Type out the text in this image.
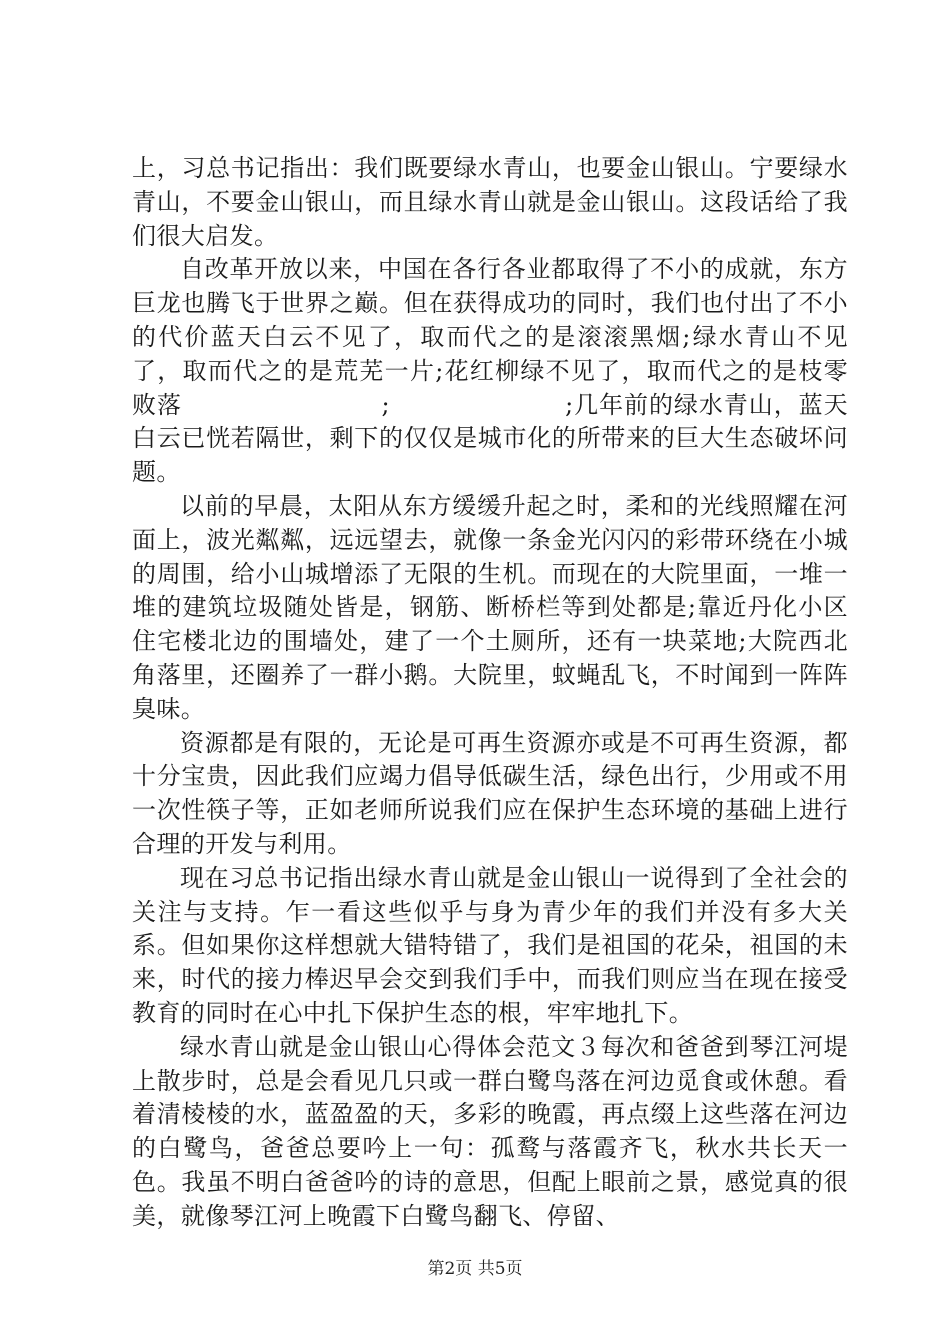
上，习总书记指出：我们既要绿水青山，也要金山银山。宁要绿水青山，不要金山银山，而且绿水青山就是金山银山。这段话给了我们很大启发。

自改革开放以来，中国在各行各业都取得了不小的成就，东方巨龙也腾飞于世界之巅。但在获得成功的同时，我们也付出了不小的代价蓝天白云不见了，取而代之的是滚滚黑烟;绿水青山不见了，取而代之的是荒芜一片;花红柳绿不见了，取而代之的是枝零败落　　　　　　　　;　　　　　　　;几年前的绿水青山，蓝天白云已恍若隔世，剩下的仅仅是城市化的所带来的巨大生态破坏问题。

以前的早晨，太阳从东方缓缓升起之时，柔和的光线照耀在河面上，波光粼粼，远远望去，就像一条金光闪闪的彩带环绕在小城的周围，给小山城增添了无限的生机。而现在的大院里面，一堆一堆的建筑垃圾随处皆是，钢筋、断桥栏等到处都是;靠近丹化小区住宅楼北边的围墙处，建了一个土厕所，还有一块菜地;大院西北角落里，还圈养了一群小鹅。大院里，蚊蝇乱飞，不时闻到一阵阵臭味。

资源都是有限的，无论是可再生资源亦或是不可再生资源，都十分宝贵，因此我们应竭力倡导低碳生活，绿色出行，少用或不用一次性筷子等，正如老师所说我们应在保护生态环境的基础上进行合理的开发与利用。

现在习总书记指出绿水青山就是金山银山一说得到了全社会的关注与支持。乍一看这些似乎与身为青少年的我们并没有多大关系。但如果你这样想就大错特错了，我们是祖国的花朵，祖国的未来，时代的接力棒迟早会交到我们手中，而我们则应当在现在接受教育的同时在心中扎下保护生态的根，牢牢地扎下。

绿水青山就是金山银山心得体会范文３每次和爸爸到琴江河堤上散步时，总是会看见几只或一群白鹭鸟落在河边觅食或休憩。看着清棱棱的水，蓝盈盈的天，多彩的晚霞，再点缀上这些落在河边的白鹭鸟，爸爸总要吟上一句：孤鹜与落霞齐飞，秋水共长天一色。我虽不明白爸爸吟的诗的意思，但配上眼前之景，感觉真的很美，就像琴江河上晚霞下白鹭鸟翻飞、停留、

第2页 共5页
